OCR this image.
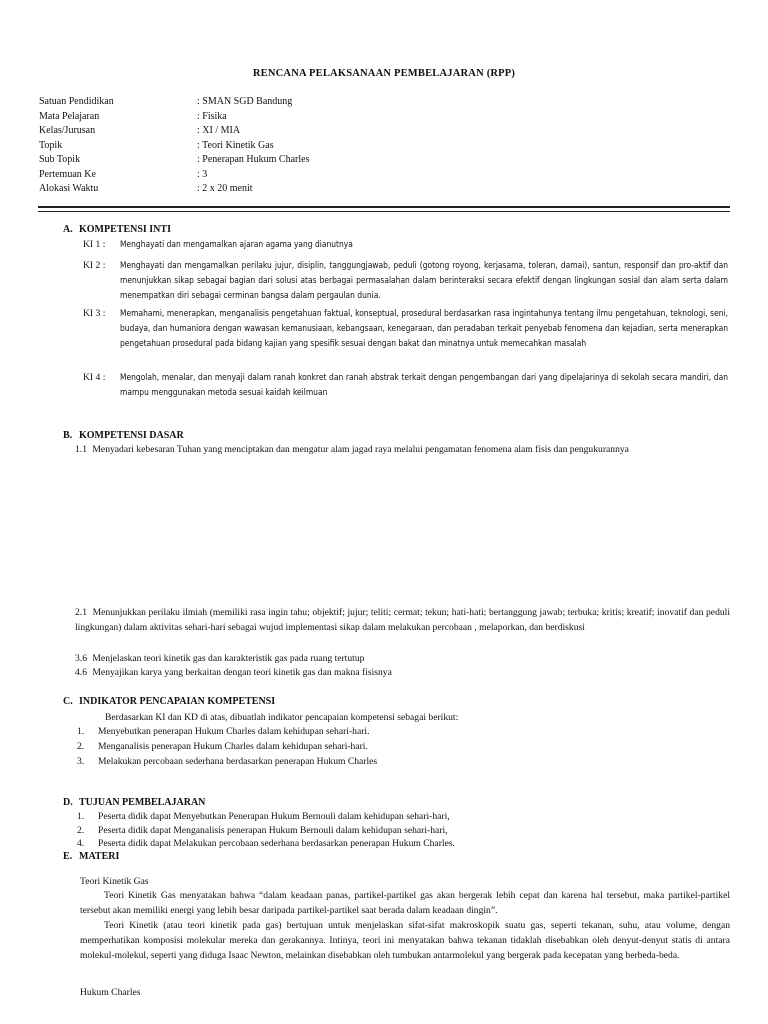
RENCANA PELAKSANAAN PEMBELAJARAN (RPP)
Satuan Pendidikan	: SMAN SGD Bandung
Mata Pelajaran	: Fisika
Kelas/Jurusan	: XI / MIA
Topik	: Teori Kinetik Gas
Sub Topik	: Penerapan Hukum Charles
Pertemuan Ke	: 3
Alokasi Waktu	: 2 x 20 menit
A. KOMPETENSI INTI
KI 1 :	Menghayati dan mengamalkan ajaran agama yang dianutnya
KI 2 :	Menghayati dan mengamalkan perilaku jujur, disiplin, tanggungjawab, peduli (gotong royong, kerjasama, toleran, damai), santun, responsif dan pro-aktif dan menunjukkan sikap sebagai bagian dari solusi atas berbagai permasalahan dalam berinteraksi secara efektif dengan lingkungan sosial dan alam serta dalam menempatkan diri sebagai cerminan bangsa dalam pergaulan dunia.
KI 3 :	Memahami, menerapkan, menganalisis pengetahuan faktual, konseptual, prosedural berdasarkan rasa ingintahunya tentang ilmu pengetahuan, teknologi, seni, budaya, dan humaniora dengan wawasan kemanusiaan, kebangsaan, kenegaraan, dan peradaban terkait penyebab fenomena dan kejadian, serta menerapkan pengetahuan prosedural pada bidang kajian yang spesifik sesuai dengan bakat dan minatnya untuk memecahkan masalah
KI 4 :	Mengolah, menalar, dan menyaji dalam ranah konkret dan ranah abstrak terkait dengan pengembangan dari yang dipelajarinya di sekolah secara mandiri, dan mampu menggunakan metoda sesuai kaidah keilmuan
B. KOMPETENSI DASAR
1.1 Menyadari kebesaran Tuhan yang menciptakan dan mengatur alam jagad raya melalui pengamatan fenomena alam fisis dan pengukurannya
2.1 Menunjukkan perilaku ilmiah (memiliki rasa ingin tahu; objektif; jujur; teliti; cermat; tekun; hati-hati; bertanggung jawab; terbuka; kritis; kreatif; inovatif dan peduli lingkungan) dalam aktivitas sehari-hari sebagai wujud implementasi sikap dalam melakukan percobaan , melaporkan, dan berdiskusi
3.6 Menjelaskan teori kinetik gas dan karakteristik gas pada ruang tertutup
4.6 Menyajikan karya yang berkaitan dengan teori kinetik gas dan makna fisisnya
C. INDIKATOR PENCAPAIAN KOMPETENSI
Berdasarkan KI dan KD di atas, dibuatlah indikator pencapaian kompetensi sebagai berikut:
1.	Menyebutkan penerapan Hukum Charles dalam kehidupan sehari-hari.
2.	Menganalisis penerapan Hukum Charles dalam kehidupan sehari-hari.
3.	Melakukan percobaan sederhana berdasarkan penerapan Hukum Charles
D. TUJUAN PEMBELAJARAN
1.	Peserta didik dapat Menyebutkan Penerapan Hukum Bernouli dalam kehidupan sehari-hari,
2.	Peserta didik dapat Menganalisis penerapan Hukum Bernouli dalam kehidupan sehari-hari,
4.	Peserta didik dapat Melakukan percobaan sederhana berdasarkan penerapan Hukum Charles.
E. MATERI
Teori Kinetik Gas
Teori Kinetik Gas menyatakan bahwa “dalam keadaan panas, partikel-partikel gas akan bergerak lebih cepat dan karena hal tersebut, maka partikel-partikel tersebut akan memiliki energi yang lebih besar daripada partikel-partikel saat berada dalam keadaan dingin”.
Teori Kinetik (atau teori kinetik pada gas) bertujuan untuk menjelaskan sifat-sifat makroskopik suatu gas, seperti tekanan, suhu, atau volume, dengan memperhatikan komposisi molekular mereka dan gerakannya. Intinya, teori ini menyatakan bahwa tekanan tidaklah disebabkan oleh denyut-denyut statis di antara molekul-molekul, seperti yang diduga Isaac Newton, melainkan disebabkan oleh tumbukan antarmolekul yang bergerak pada kecepatan yang berbeda-beda.
Hukum Charles
